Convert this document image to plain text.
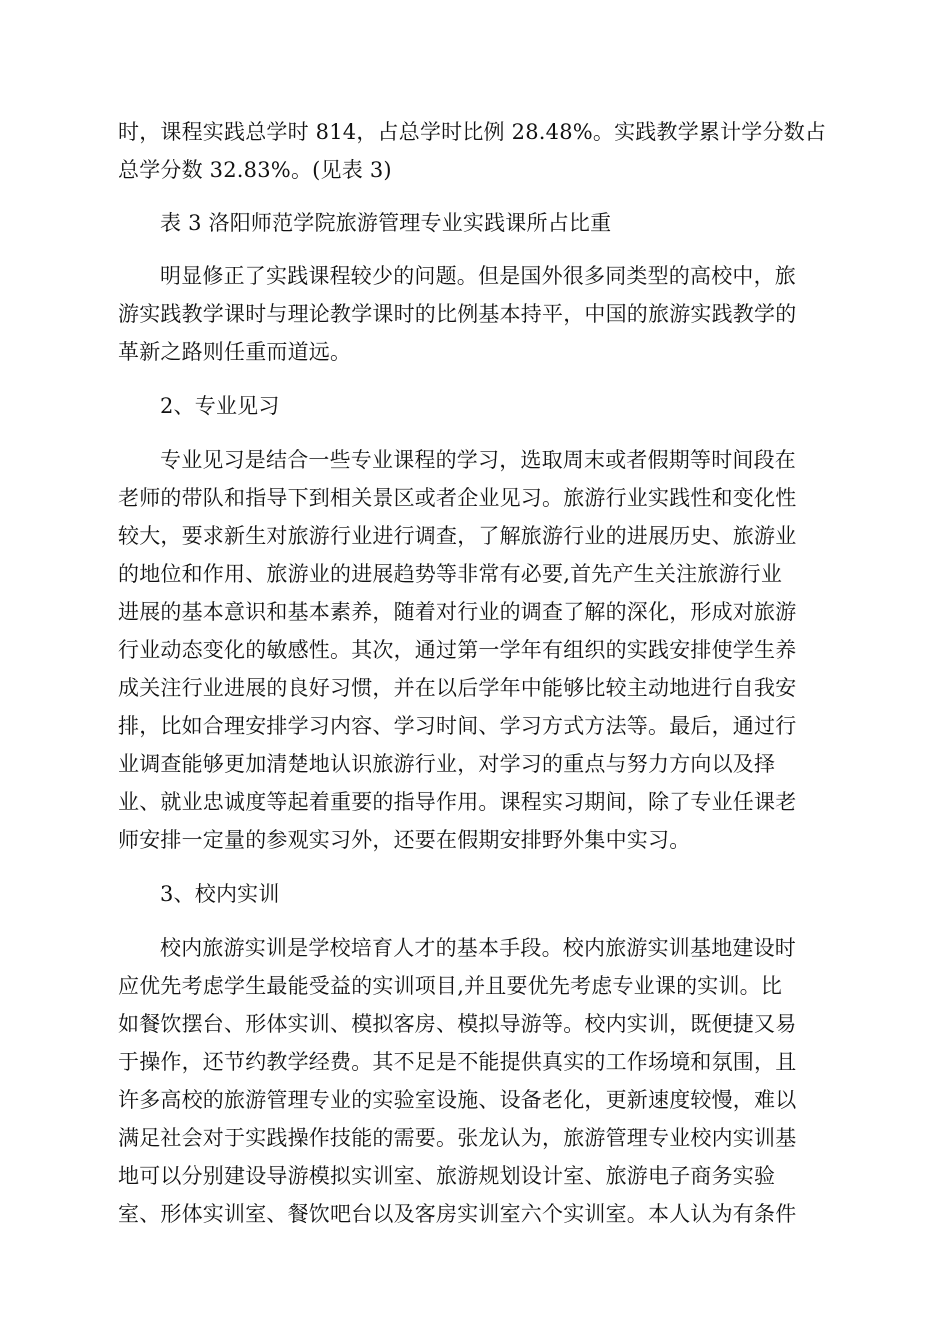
时，课程实践总学时 814，占总学时比例 28.48%。实践教学累计学分数占
总学分数 32.83%。(见表 3)
表 3 洛阳师范学院旅游管理专业实践课所占比重
明显修正了实践课程较少的问题。但是国外很多同类型的高校中，旅
游实践教学课时与理论教学课时的比例基本持平，中国的旅游实践教学的
革新之路则任重而道远。
2、专业见习
专业见习是结合一些专业课程的学习，选取周末或者假期等时间段在
老师的带队和指导下到相关景区或者企业见习。旅游行业实践性和变化性
较大，要求新生对旅游行业进行调查，了解旅游行业的进展历史、旅游业
的地位和作用、旅游业的进展趋势等非常有必要,首先产生关注旅游行业
进展的基本意识和基本素养，随着对行业的调查了解的深化，形成对旅游
行业动态变化的敏感性。其次，通过第一学年有组织的实践安排使学生养
成关注行业进展的良好习惯，并在以后学年中能够比较主动地进行自我安
排，比如合理安排学习内容、学习时间、学习方式方法等。最后，通过行
业调查能够更加清楚地认识旅游行业，对学习的重点与努力方向以及择
业、就业忠诚度等起着重要的指导作用。课程实习期间，除了专业任课老
师安排一定量的参观实习外，还要在假期安排野外集中实习。
3、校内实训
校内旅游实训是学校培育人才的基本手段。校内旅游实训基地建设时
应优先考虑学生最能受益的实训项目,并且要优先考虑专业课的实训。比
如餐饮摆台、形体实训、模拟客房、模拟导游等。校内实训，既便捷又易
于操作，还节约教学经费。其不足是不能提供真实的工作场境和氛围，且
许多高校的旅游管理专业的实验室设施、设备老化，更新速度较慢，难以
满足社会对于实践操作技能的需要。张龙认为，旅游管理专业校内实训基
地可以分别建设导游模拟实训室、旅游规划设计室、旅游电子商务实验
室、形体实训室、餐饮吧台以及客房实训室六个实训室。本人认为有条件
